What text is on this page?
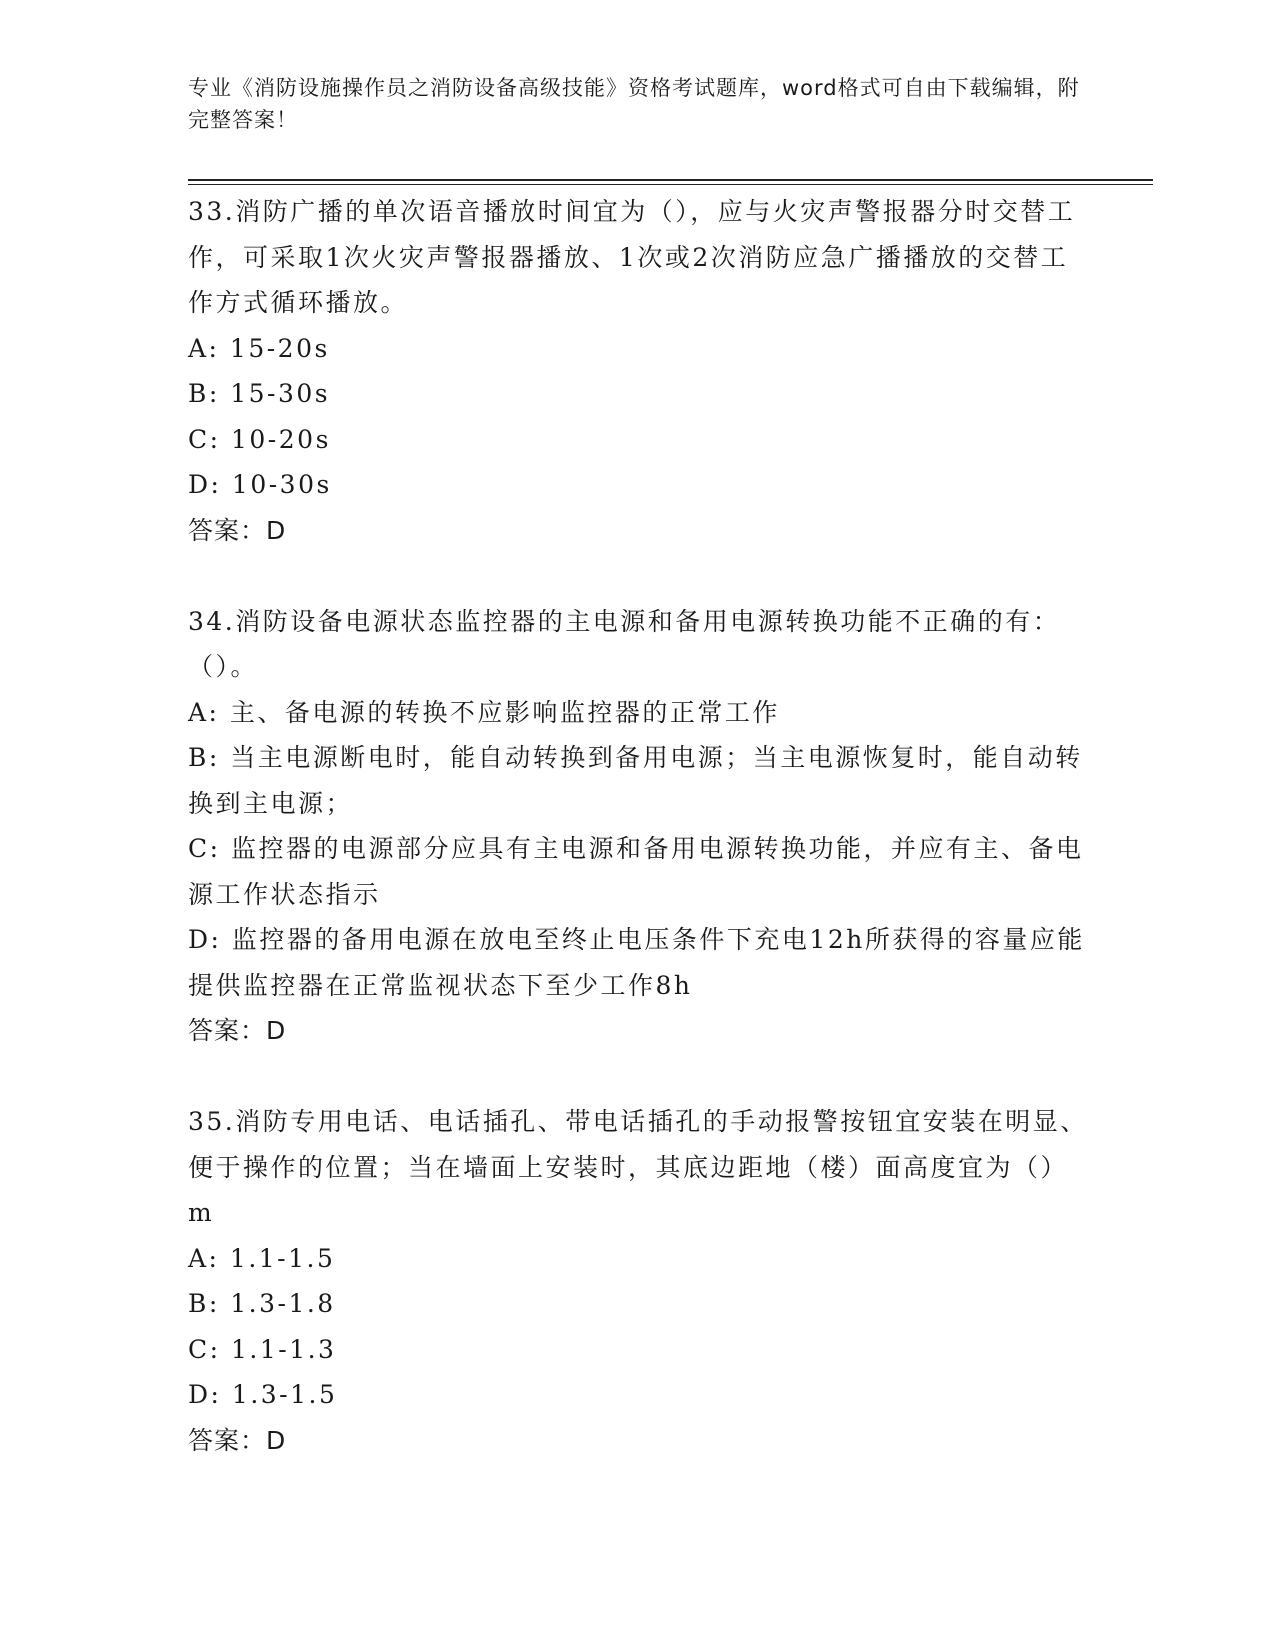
专业《消防设施操作员之消防设备高级技能》资格考试题库，word格式可自由下载编辑，附完整答案！
33.消防广播的单次语音播放时间宜为（），应与火灾声警报器分时交替工作，可采取1次火灾声警报器播放、1次或2次消防应急广播播放的交替工作方式循环播放。
A: 15-20s
B: 15-30s
C: 10-20s
D: 10-30s
答案：D
34.消防设备电源状态监控器的主电源和备用电源转换功能不正确的有：（）。
A: 主、备电源的转换不应影响监控器的正常工作
B: 当主电源断电时，能自动转换到备用电源；当主电源恢复时，能自动转换到主电源；
C: 监控器的电源部分应具有主电源和备用电源转换功能，并应有主、备电源工作状态指示
D: 监控器的备用电源在放电至终止电压条件下充电12h所获得的容量应能提供监控器在正常监视状态下至少工作8h
答案：D
35.消防专用电话、电话插孔、带电话插孔的手动报警按钮宜安装在明显、便于操作的位置；当在墙面上安装时，其底边距地（楼）面高度宜为（）m
A: 1.1-1.5
B: 1.3-1.8
C: 1.1-1.3
D: 1.3-1.5
答案：D
